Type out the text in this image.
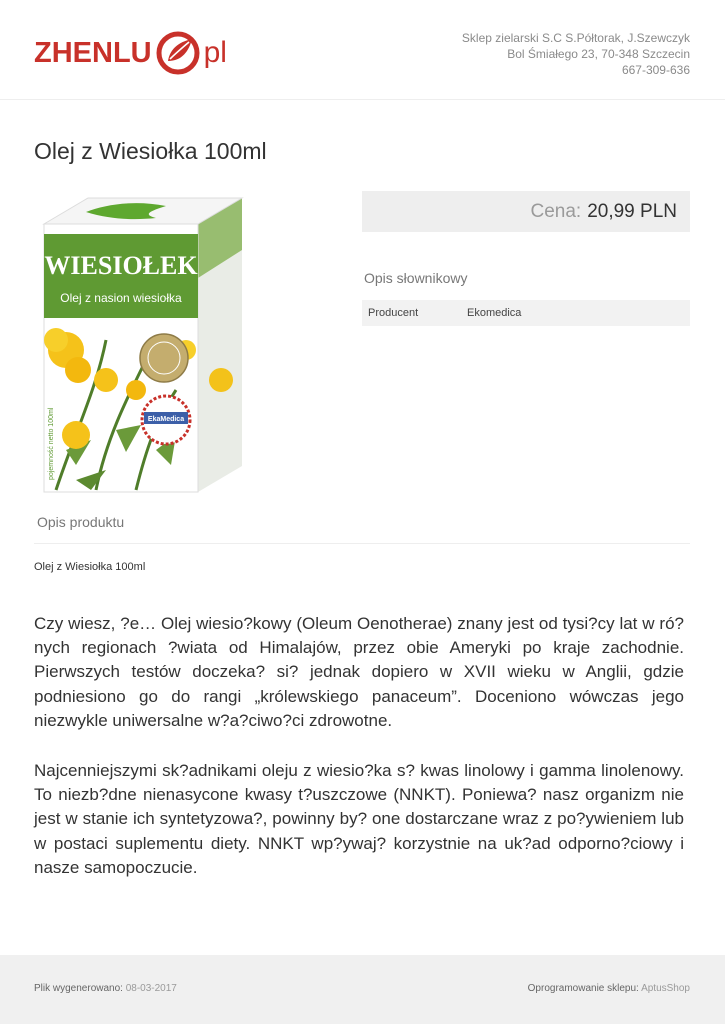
ZHENLU pl	Sklep zielarski S.C S.Półtorak, J.Szewczyk
Bol Śmiałego 23, 70-348 Szczecin
667-309-636
Olej z Wiesiołka 100ml
WIESIOŁEK
Olej z nasion wiesiołka
EkaMedica
pojemność netto 100ml
Cena: 20,99 PLN
Opis słownikowy
Producent	Ekomedica
Opis produktu
Olej z Wiesiołka 100ml

Czy wiesz, ?e… Olej wiesio?kowy (Oleum Oenotherae) znany jest od tysi?cy lat w ró?nych regionach ?wiata od Himalajów, przez obie Ameryki po kraje zachodnie. Pierwszych testów doczeka? si? jednak dopiero w XVII wieku w Anglii, gdzie podniesiono go do rangi „królewskiego panaceum”. Doceniono wówczas jego niezwykle uniwersalne w?a?ciwo?ci zdrowotne.

Najcenniejszymi sk?adnikami oleju z wiesio?ka s? kwas linolowy i gamma linolenowy. To niezb?dne nienasycone kwasy t?uszczowe (NNKT). Poniewa? nasz organizm nie jest w stanie ich syntetyzowa?, powinny by? one dostarczane wraz z po?ywieniem lub w postaci suplementu diety. NNKT wp?ywaj? korzystnie na uk?ad odporno?ciowy i nasze samopoczucie.

Plik wygenerowano: 08-03-2017	Oprogramowanie sklepu: AptusShop
